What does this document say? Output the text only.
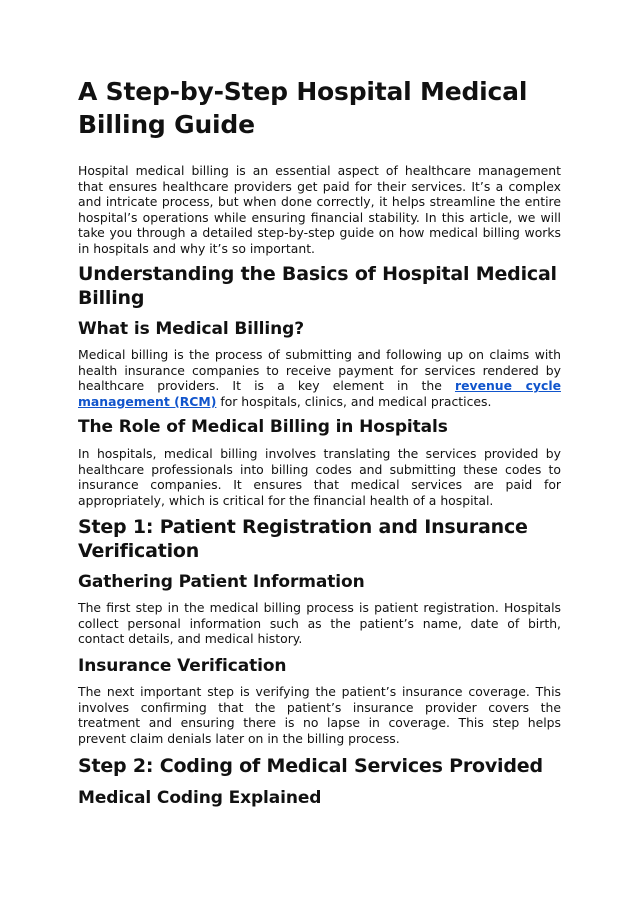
A Step-by-Step Hospital Medical Billing Guide

Hospital medical billing is an essential aspect of healthcare management that ensures healthcare providers get paid for their services. It’s a complex and intricate process, but when done correctly, it helps streamline the entire hospital’s operations while ensuring financial stability. In this article, we will take you through a detailed step-by-step guide on how medical billing works in hospitals and why it’s so important.

Understanding the Basics of Hospital Medical Billing
What is Medical Billing?

Medical billing is the process of submitting and following up on claims with health insurance companies to receive payment for services rendered by healthcare providers. It is a key element in the revenue cycle management (RCM) for hospitals, clinics, and medical practices.

The Role of Medical Billing in Hospitals

In hospitals, medical billing involves translating the services provided by healthcare professionals into billing codes and submitting these codes to insurance companies. It ensures that medical services are paid for appropriately, which is critical for the financial health of a hospital.

Step 1: Patient Registration and Insurance Verification
Gathering Patient Information

The first step in the medical billing process is patient registration. Hospitals collect personal information such as the patient’s name, date of birth, contact details, and medical history.

Insurance Verification

The next important step is verifying the patient’s insurance coverage. This involves confirming that the patient’s insurance provider covers the treatment and ensuring there is no lapse in coverage. This step helps prevent claim denials later on in the billing process.

Step 2: Coding of Medical Services Provided
Medical Coding Explained
